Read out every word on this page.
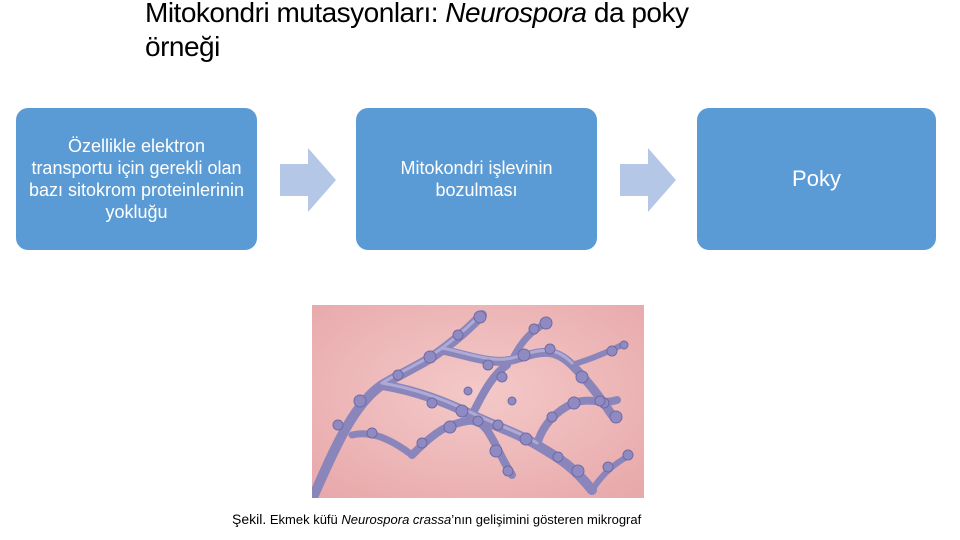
Mitokondri mutasyonları: Neurospora da poky
örneği
Özellikle elektron transportu için gerekli olan bazı sitokrom proteinlerinin yokluğu
Mitokondri işlevinin bozulması	Poky
Şekil. Ekmek küfü Neurospora crassa’nın gelişimini gösteren mikrograf
